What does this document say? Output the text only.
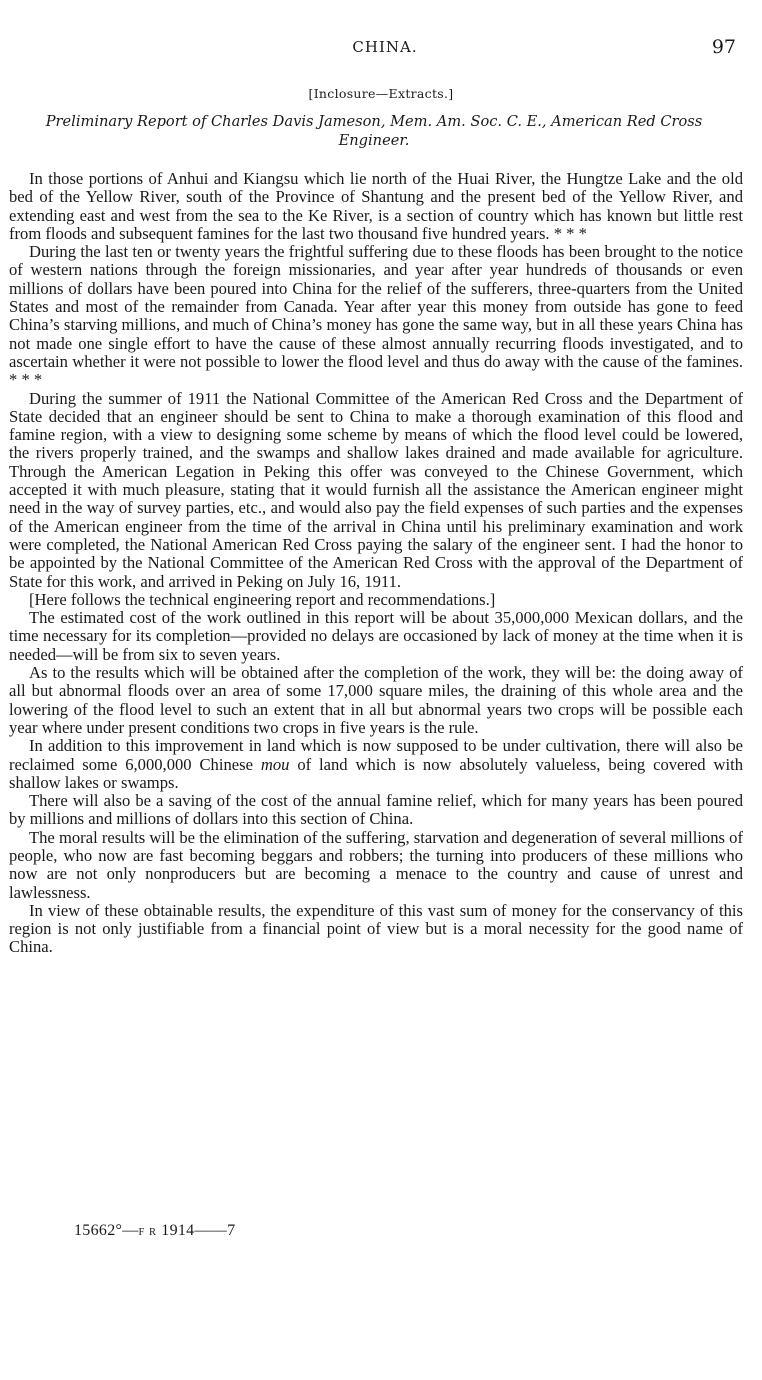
CHINA.	97
[Inclosure—Extracts.]
Preliminary Report of Charles Davis Jameson, Mem. Am. Soc. C. E., American Red Cross Engineer.

In those portions of Anhui and Kiangsu which lie north of the Huai River, the Hungtze Lake and the old bed of the Yellow River, south of the Province of Shantung and the present bed of the Yellow River, and extending east and west from the sea to the Ke River, is a section of country which has known but little rest from floods and subsequent famines for the last two thousand five hundred years. * * *

During the last ten or twenty years the frightful suffering due to these floods has been brought to the notice of western nations through the foreign missionaries, and year after year hundreds of thousands or even millions of dollars have been poured into China for the relief of the sufferers, three-quarters from the United States and most of the remainder from Canada. Year after year this money from outside has gone to feed China’s starving millions, and much of China’s money has gone the same way, but in all these years China has not made one single effort to have the cause of these almost annually recurring floods investigated, and to ascertain whether it were not possible to lower the flood level and thus do away with the cause of the famines. * * *

During the summer of 1911 the National Committee of the American Red Cross and the Department of State decided that an engineer should be sent to China to make a thorough examination of this flood and famine region, with a view to designing some scheme by means of which the flood level could be lowered, the rivers properly trained, and the swamps and shallow lakes drained and made available for agriculture. Through the American Legation in Peking this offer was conveyed to the Chinese Government, which accepted it with much pleasure, stating that it would furnish all the assistance the American engineer might need in the way of survey parties, etc., and would also pay the field expenses of such parties and the expenses of the American engineer from the time of the arrival in China until his preliminary examination and work were completed, the National American Red Cross paying the salary of the engineer sent. I had the honor to be appointed by the National Committee of the American Red Cross with the approval of the Department of State for this work, and arrived in Peking on July 16, 1911.

[Here follows the technical engineering report and recommendations.]

The estimated cost of the work outlined in this report will be about 35,000,000 Mexican dollars, and the time necessary for its completion—provided no delays are occasioned by lack of money at the time when it is needed—will be from six to seven years.

As to the results which will be obtained after the completion of the work, they will be: the doing away of all but abnormal floods over an area of some 17,000 square miles, the draining of this whole area and the lowering of the flood level to such an extent that in all but abnormal years two crops will be possible each year where under present conditions two crops in five years is the rule.

In addition to this improvement in land which is now supposed to be under cultivation, there will also be reclaimed some 6,000,000 Chinese mou of land which is now absolutely valueless, being covered with shallow lakes or swamps.

There will also be a saving of the cost of the annual famine relief, which for many years has been poured by millions and millions of dollars into this section of China.

The moral results will be the elimination of the suffering, starvation and degeneration of several millions of people, who now are fast becoming beggars and robbers; the turning into producers of these millions who now are not only nonproducers but are becoming a menace to the country and cause of unrest and lawlessness.

In view of these obtainable results, the expenditure of this vast sum of money for the conservancy of this region is not only justifiable from a financial point of view but is a moral necessity for the good name of China.

15662°—F R 1914——7
